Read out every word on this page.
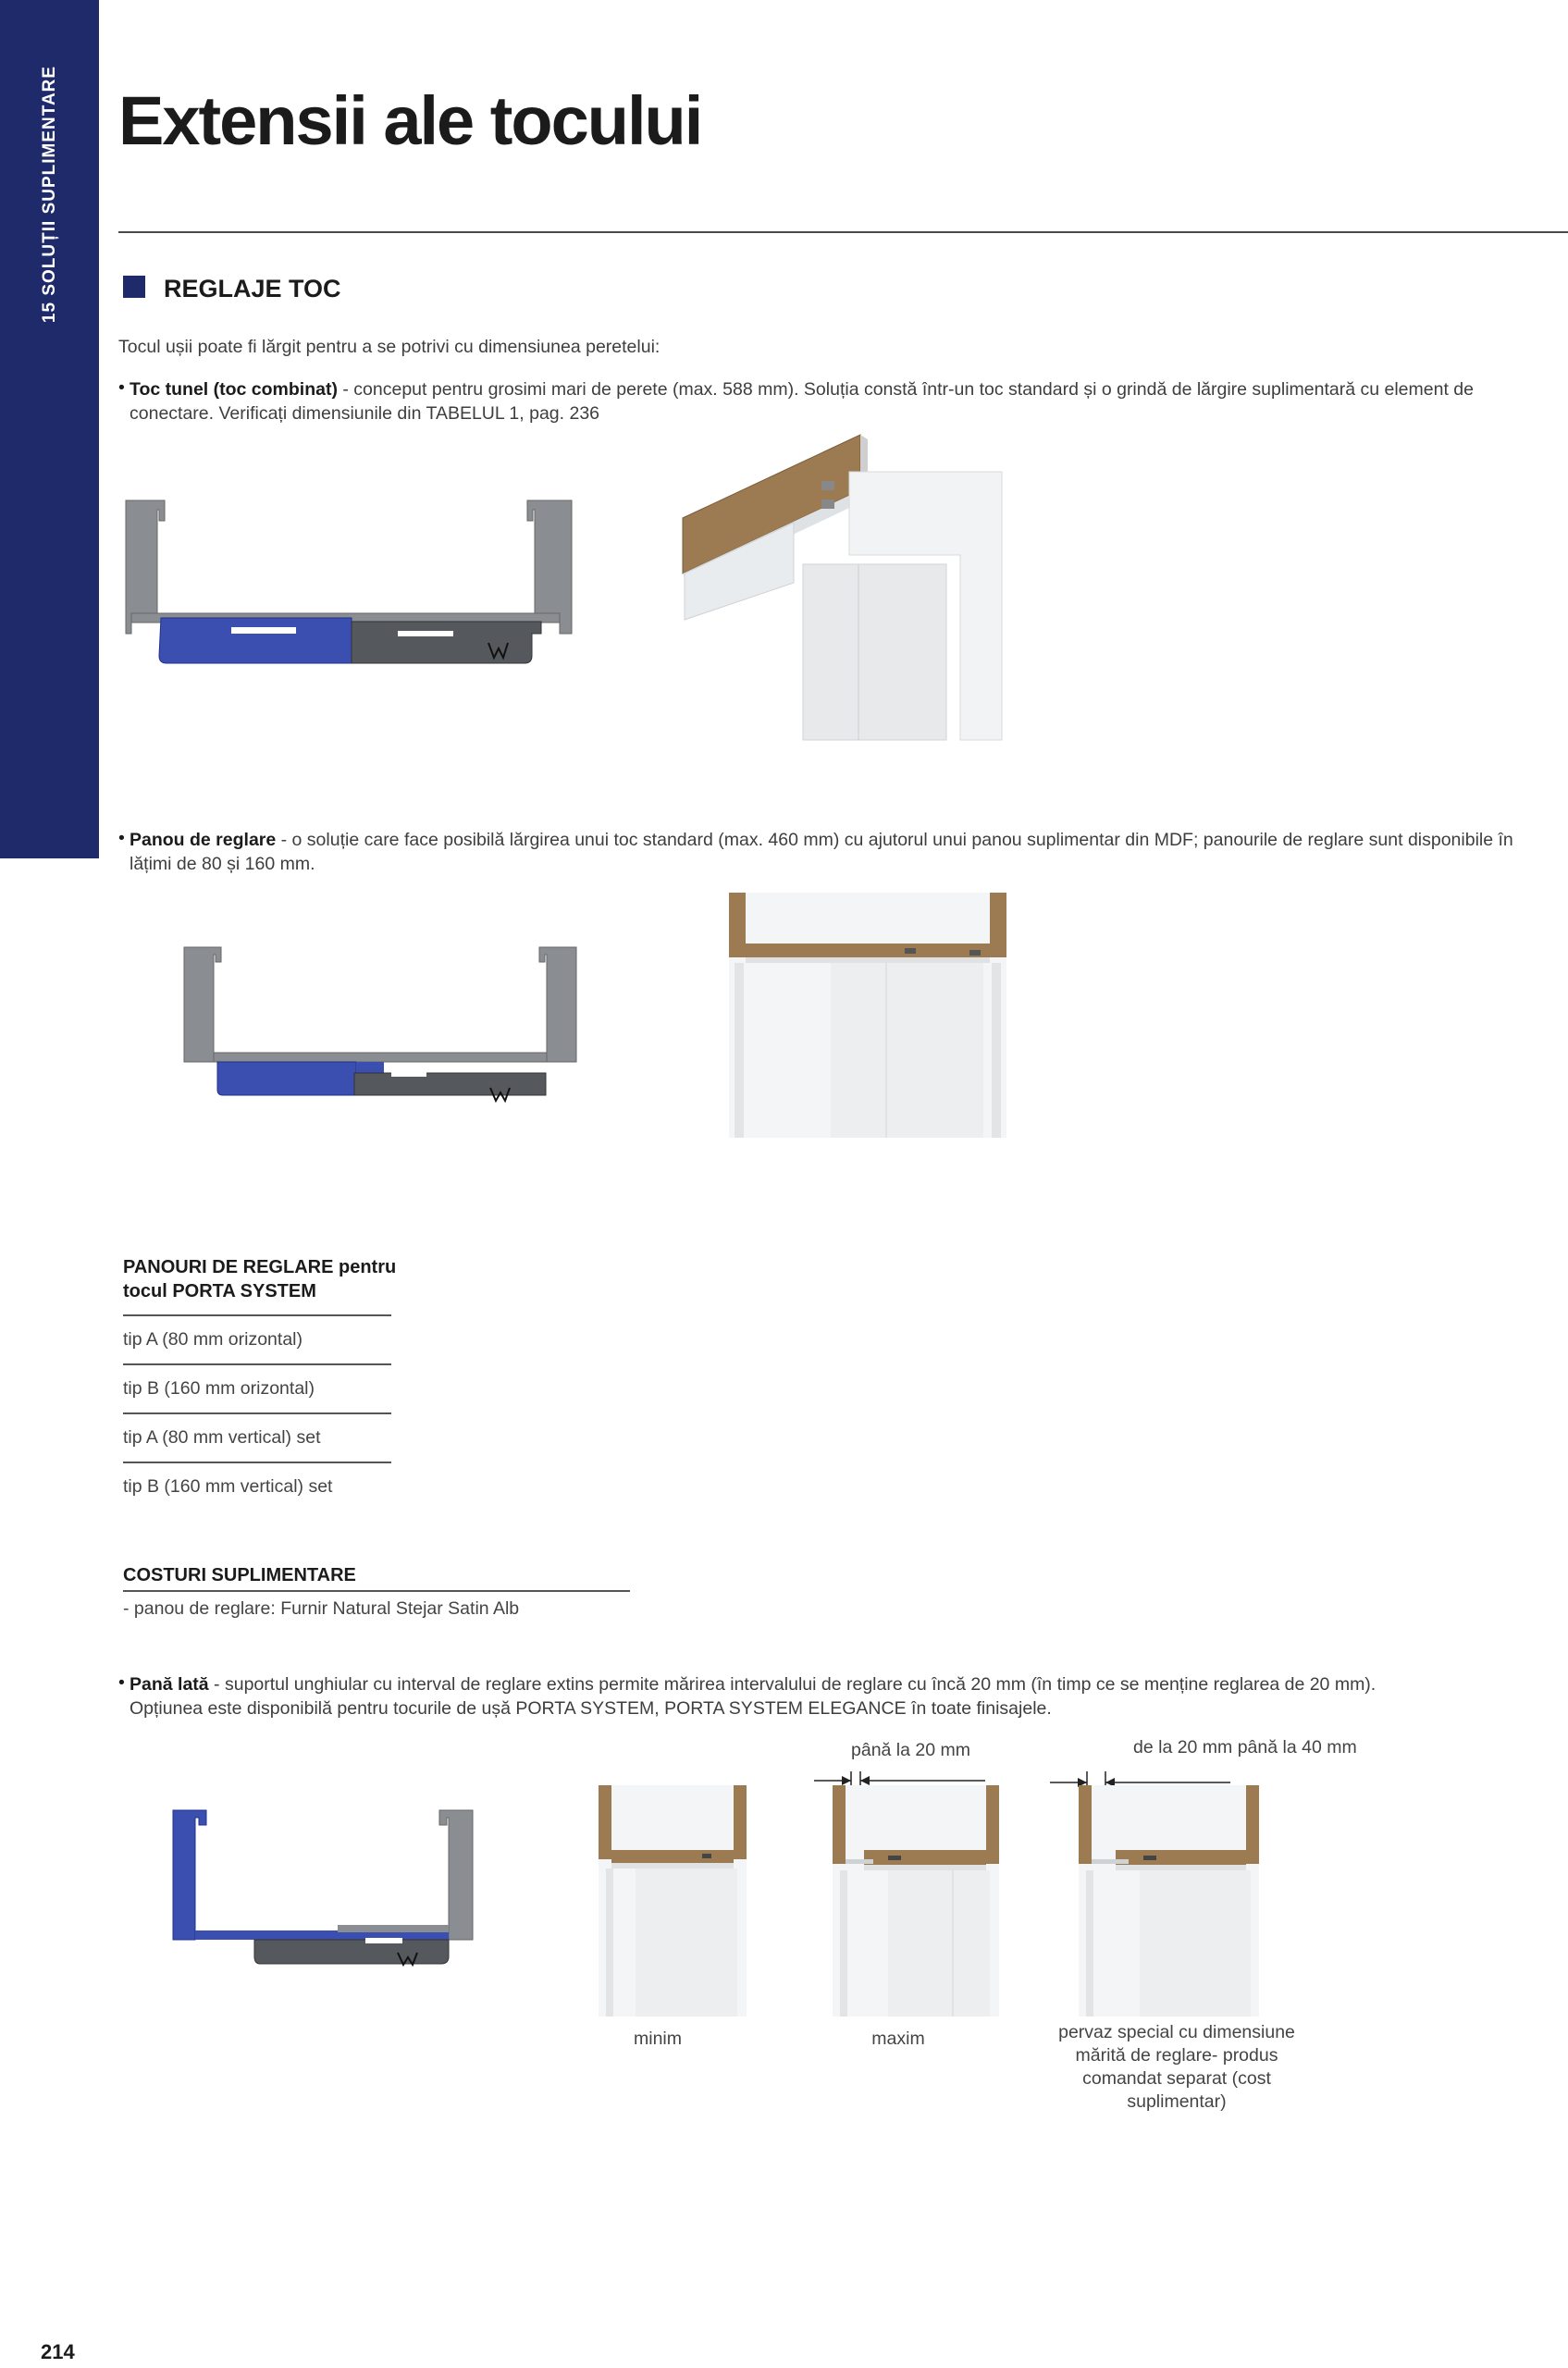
15 SOLUȚII SUPLIMENTARE Extensii ale tocului
REGLAJE TOC
Tocul ușii poate fi lărgit pentru a se potrivi cu dimensiunea peretelui:
• Toc tunel (toc combinat) - conceput pentru grosimi mari de perete (max. 588 mm). Soluția constă într-un toc standard și o grindă de lărgire suplimentară cu element de conectare. Verificați dimensiunile din TABELUL 1, pag. 236
• Panou de reglare - o soluție care face posibilă lărgirea unui toc standard (max. 460 mm) cu ajutorul unui panou suplimentar din MDF; panourile de reglare sunt disponibile în lățimi de 80 și 160 mm.
PANOURI DE REGLARE pentru
tocul PORTA SYSTEM
tip A (80 mm orizontal)
tip B (160 mm orizontal)
tip A (80 mm vertical) set
tip B (160 mm vertical) set
COSTURI SUPLIMENTARE
- panou de reglare: Furnir Natural Stejar Satin Alb
• Pană lată - suportul unghiular cu interval de reglare extins permite mărirea intervalului de reglare cu încă 20 mm (în timp ce se menține reglarea de 20 mm). Opțiunea este disponibilă pentru tocurile de ușă PORTA SYSTEM, PORTA SYSTEM ELEGANCE în toate finisajele.
până la 20 mm	de la 20 mm până la 40 mm
minim	maxim	pervaz special cu dimensiune
mărită de reglare- produs
comandat separat (cost
suplimentar)
214
